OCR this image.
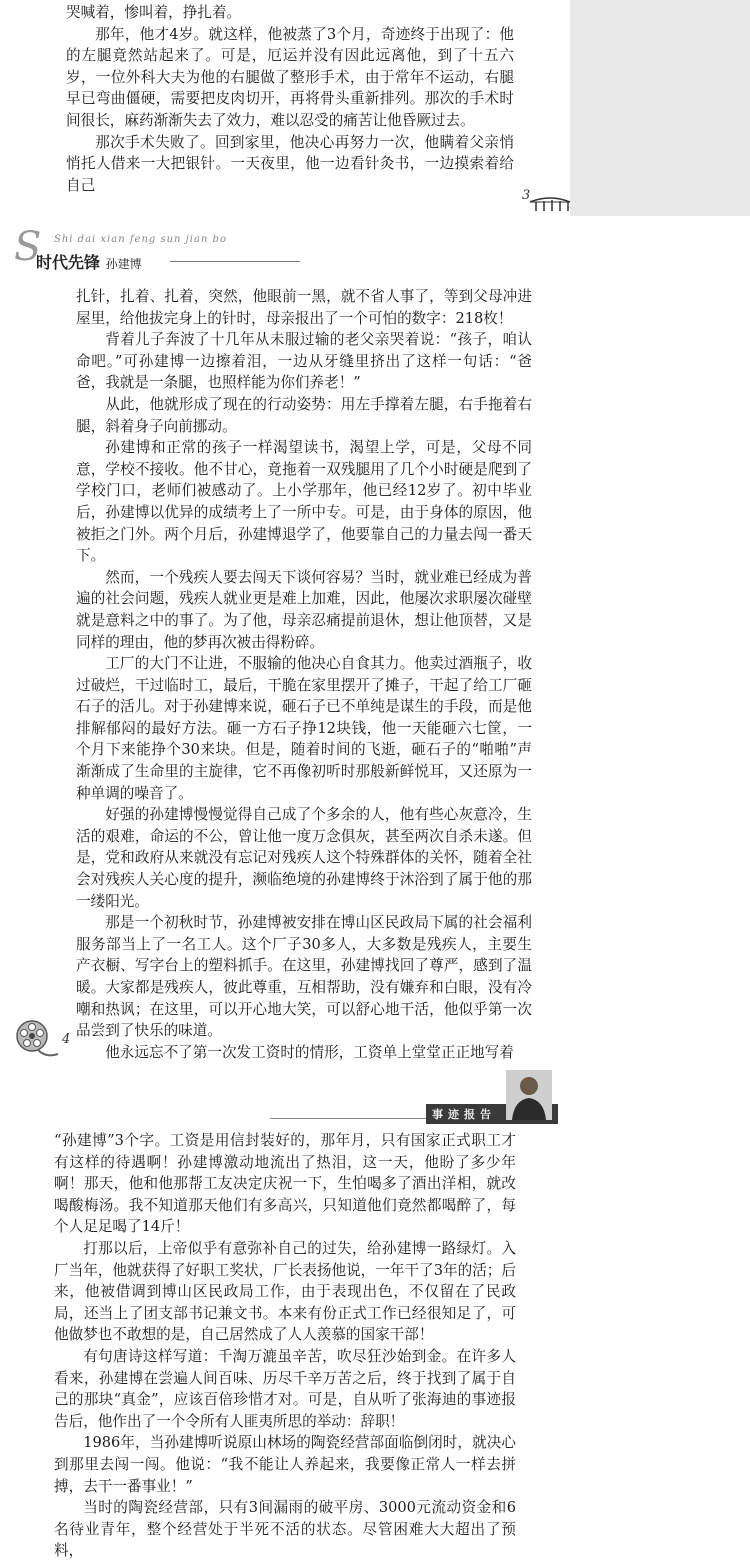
哭喊着，惨叫着，挣扎着。

那年，他才4岁。就这样，他被蒸了3个月，奇迹终于出现了：他的左腿竟然站起来了。可是，厄运并没有因此远离他，到了十五六岁，一位外科大夫为他的右腿做了整形手术，由于常年不运动，右腿早已弯曲僵硬，需要把皮肉切开，再将骨头重新排列。那次的手术时间很长，麻药渐渐失去了效力，难以忍受的痛苦让他昏厥过去。

那次手术失败了。回到家里，他决心再努力一次，他瞒着父亲悄悄托人借来一大把银针。一天夜里，他一边看针灸书，一边摸索着给自己

3
S Shi dai xian feng sun jian bo
时代先锋 孙建博

扎针，扎着、扎着，突然，他眼前一黑，就不省人事了，等到父母冲进屋里，给他拔完身上的针时，母亲报出了一个可怕的数字：218枚！

背着儿子奔波了十几年从未服过输的老父亲哭着说：“孩子，咱认命吧。”可孙建博一边擦着泪，一边从牙缝里挤出了这样一句话：“爸爸，我就是一条腿，也照样能为你们养老！”

从此，他就形成了现在的行动姿势：用左手撑着左腿，右手拖着右腿，斜着身子向前挪动。

孙建博和正常的孩子一样渴望读书，渴望上学，可是，父母不同意，学校不接收。他不甘心，竟拖着一双残腿用了几个小时硬是爬到了学校门口，老师们被感动了。上小学那年，他已经12岁了。初中毕业后，孙建博以优异的成绩考上了一所中专。可是，由于身体的原因，他被拒之门外。两个月后，孙建博退学了，他要靠自己的力量去闯一番天下。

然而，一个残疾人要去闯天下谈何容易？当时，就业难已经成为普遍的社会问题，残疾人就业更是难上加难，因此，他屡次求职屡次碰壁就是意料之中的事了。为了他，母亲忍痛提前退休，想让他顶替，又是同样的理由，他的梦再次被击得粉碎。

工厂的大门不让进，不服输的他决心自食其力。他卖过酒瓶子，收过破烂，干过临时工，最后，干脆在家里摆开了摊子，干起了给工厂砸石子的活儿。对于孙建博来说，砸石子已不单纯是谋生的手段，而是他排解郁闷的最好方法。砸一方石子挣12块钱，他一天能砸六七筐，一个月下来能挣个30来块。但是，随着时间的飞逝，砸石子的“啪啪”声渐渐成了生命里的主旋律，它不再像初听时那般新鲜悦耳，又还原为一种单调的噪音了。

好强的孙建博慢慢觉得自己成了个多余的人，他有些心灰意冷，生活的艰难，命运的不公，曾让他一度万念俱灰，甚至两次自杀未遂。但是，党和政府从来就没有忘记对残疾人这个特殊群体的关怀，随着全社会对残疾人关心度的提升，濒临绝境的孙建博终于沐浴到了属于他的那一缕阳光。

那是一个初秋时节，孙建博被安排在博山区民政局下属的社会福利服务部当上了一名工人。这个厂子30多人，大多数是残疾人，主要生产衣橱、写字台上的塑料抓手。在这里，孙建博找回了尊严，感到了温暖。大家都是残疾人，彼此尊重，互相帮助，没有嫌弃和白眼，没有冷嘲和热讽；在这里，可以开心地大笑，可以舒心地干活，他似乎第一次品尝到了快乐的味道。

他永远忘不了第一次发工资时的情形，工资单上堂堂正正地写着

4
事迹报告

“孙建博”3个字。工资是用信封装好的，那年月，只有国家正式职工才有这样的待遇啊！孙建博激动地流出了热泪，这一天，他盼了多少年啊！那天，他和他那帮工友决定庆祝一下，生怕喝多了酒出洋相，就改喝酸梅汤。我不知道那天他们有多高兴，只知道他们竟然都喝醉了，每个人足足喝了14斤！

打那以后，上帝似乎有意弥补自己的过失，给孙建博一路绿灯。入厂当年，他就获得了好职工奖状，厂长表扬他说，一年干了3年的活；后来，他被借调到博山区民政局工作，由于表现出色，不仅留在了民政局，还当上了团支部书记兼文书。本来有份正式工作已经很知足了，可他做梦也不敢想的是，自己居然成了人人羡慕的国家干部！

有句唐诗这样写道：千淘万漉虽辛苦，吹尽狂沙始到金。在许多人看来，孙建博在尝遍人间百味、历尽千辛万苦之后，终于找到了属于自己的那块“真金”，应该百倍珍惜才对。可是，自从听了张海迪的事迹报告后，他作出了一个令所有人匪夷所思的举动：辞职！

1986年，当孙建博听说原山林场的陶瓷经营部面临倒闭时，就决心到那里去闯一闯。他说：“我不能让人养起来，我要像正常人一样去拼搏，去干一番事业！”

当时的陶瓷经营部，只有3间漏雨的破平房、3000元流动资金和6名待业青年，整个经营处于半死不活的状态。尽管困难大大超出了预料，
